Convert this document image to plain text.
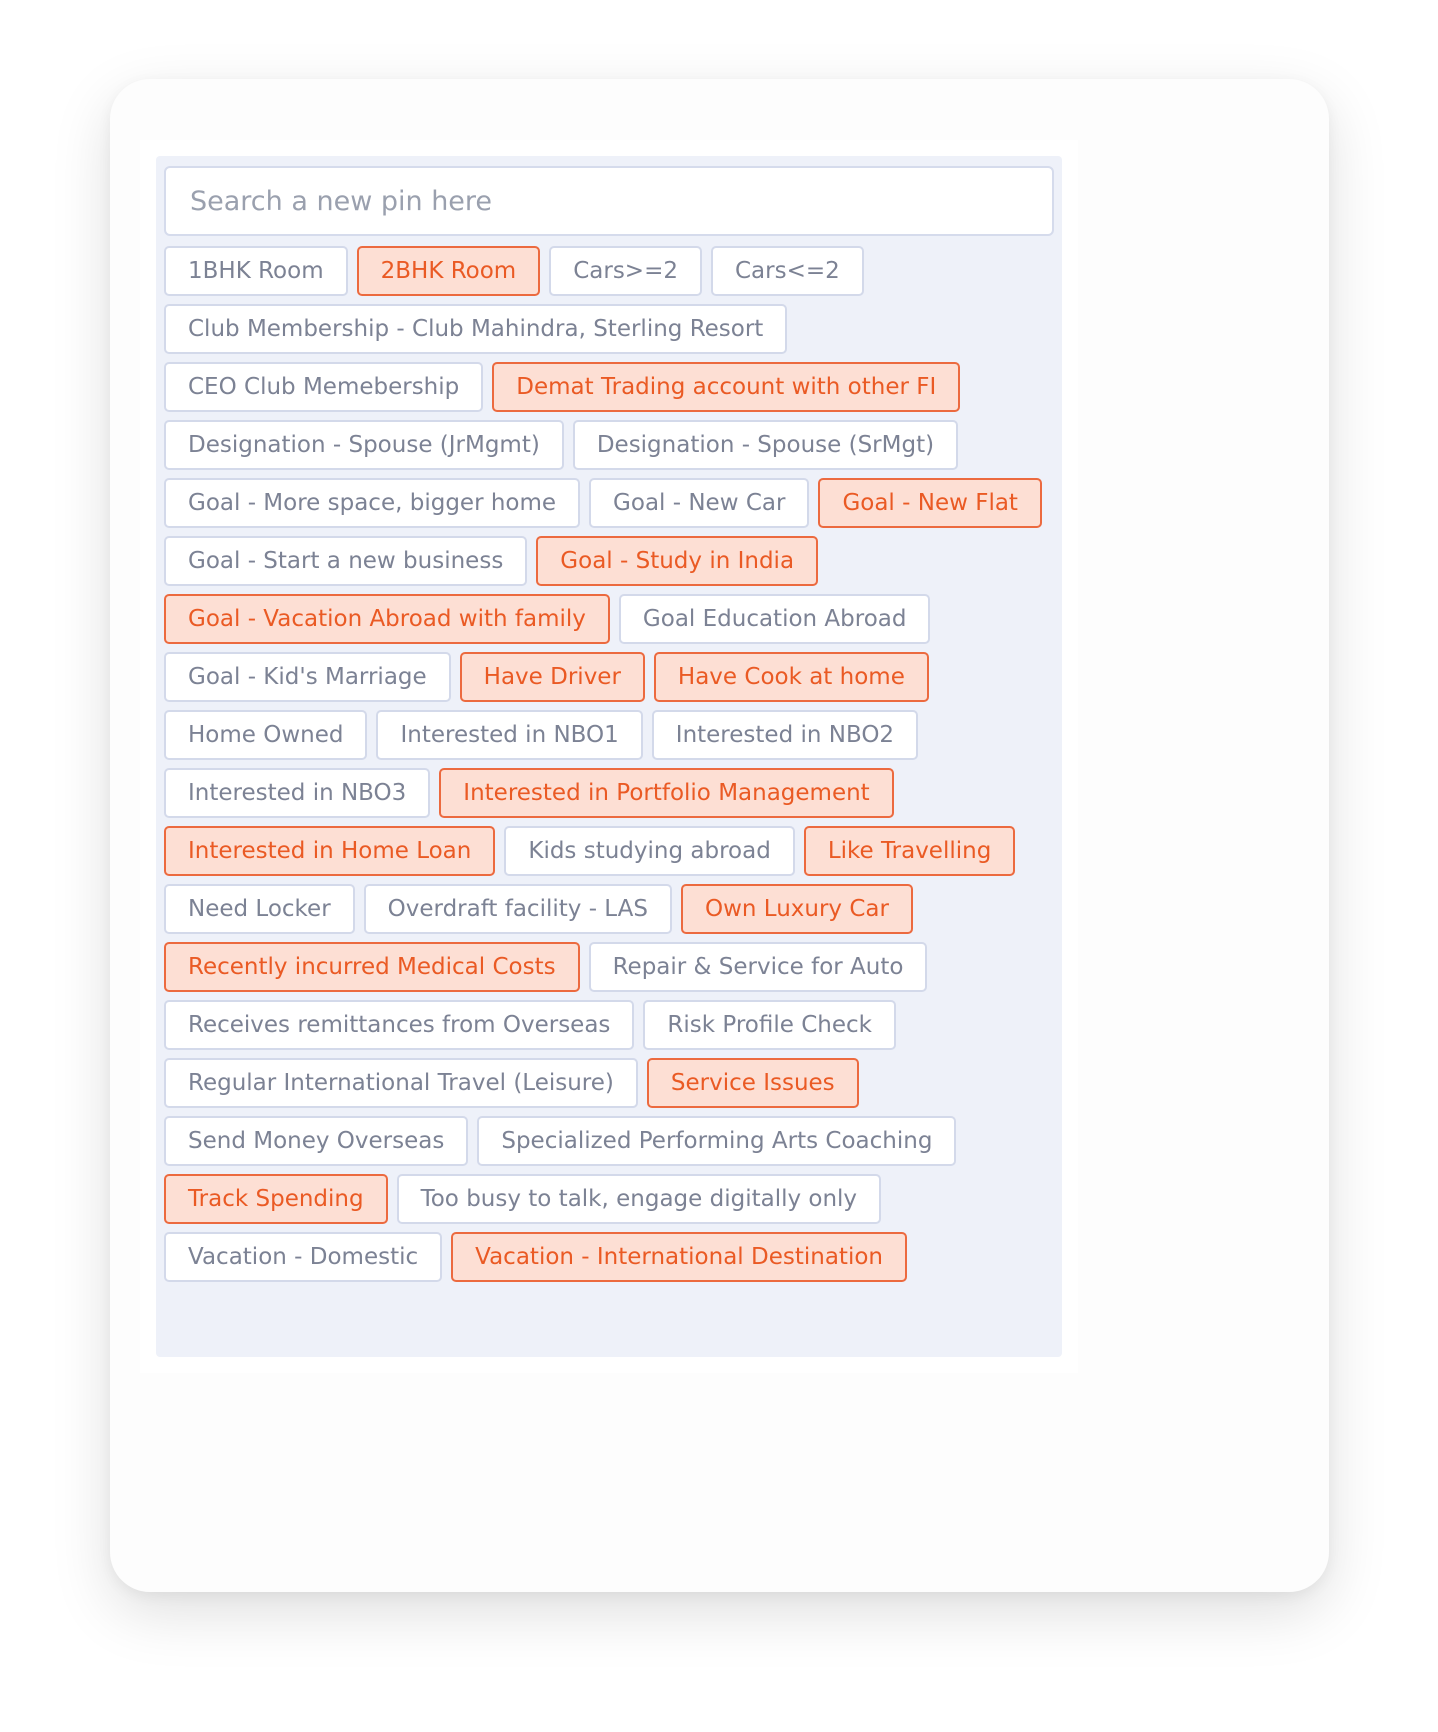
Search a new pin here
1BHK Room	2BHK Room	Cars>=2	Cars<=2
Club Membership - Club Mahindra, Sterling Resort
CEO Club Memebership	Demat Trading account with other FI
Designation - Spouse (JrMgmt)	Designation - Spouse (SrMgt)
Goal - More space, bigger home	Goal - New Car	Goal - New Flat
Goal - Start a new business	Goal - Study in India
Goal - Vacation Abroad with family	Goal Education Abroad
Goal - Kid's Marriage	Have Driver	Have Cook at home
Home Owned	Interested in NBO1	Interested in NBO2
Interested in NBO3	Interested in Portfolio Management
Interested in Home Loan	Kids studying abroad	Like Travelling
Need Locker	Overdraft facility - LAS	Own Luxury Car
Recently incurred Medical Costs	Repair & Service for Auto
Receives remittances from Overseas	Risk Profile Check
Regular International Travel (Leisure)	Service Issues
Send Money Overseas	Specialized Performing Arts Coaching
Track Spending	Too busy to talk, engage digitally only
Vacation - Domestic	Vacation - International Destination
